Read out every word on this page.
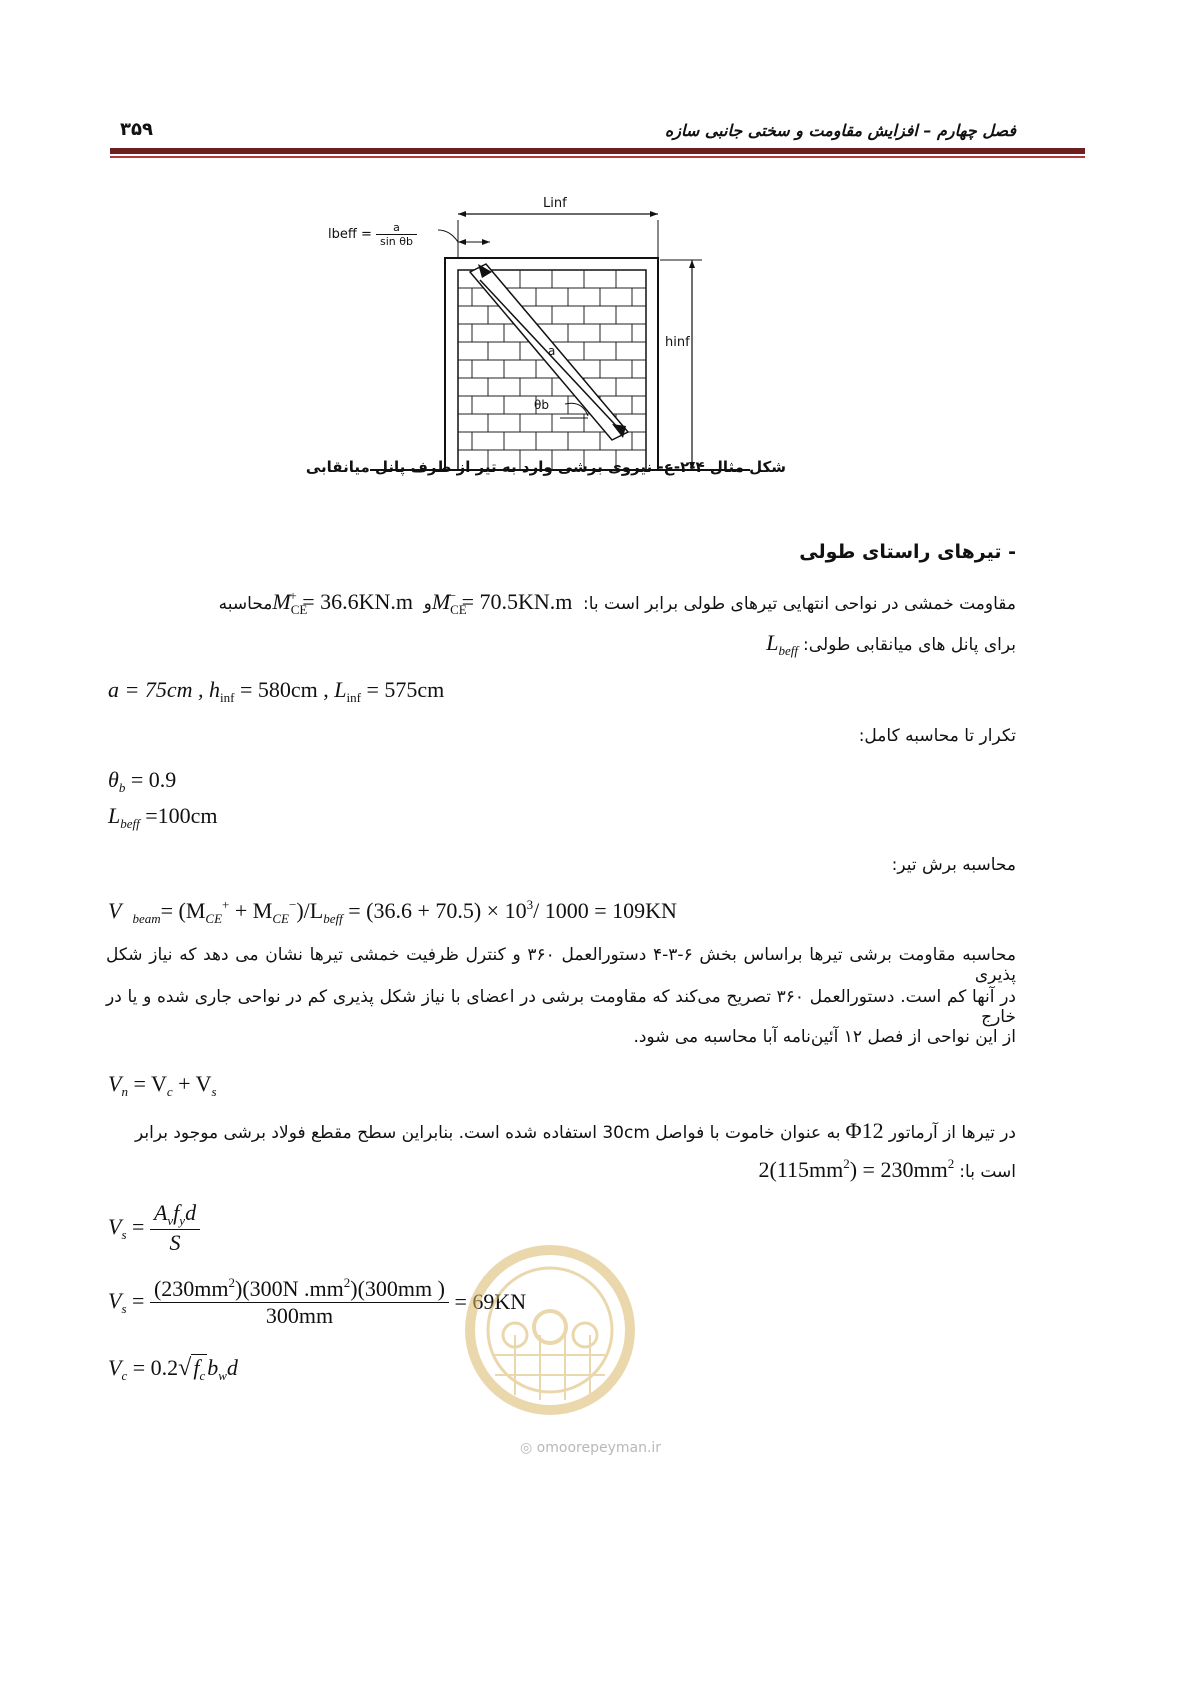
فصل چهارم – افزایش مقاومت و سختی جانبی سازه
۳۵۹
Linf
hinf
a
θb
lbeff = $\frac{a}{\text{sin θb}}$
شکل مثال ۴-۲-ع- نیروی برشی وارد به تیر از طرف پانل میانقابی
- تیرهای راستای طولی
مقاومت خمشی در نواحی انتهایی تیرهای طولی برابر است با: $M_{CE}^- = 70.5KN.m$ و $M_{CE}^+ = 36.6KN.m$ محاسبه
برای پانل های میانقابی طولی: $L_{beff}$
a = 75cm , $h_{inf} = 580cm$ , $L_{inf} = 575cm$
تکرار تا محاسبه کامل:
$\theta_b = 0.9$
$L_{beff} =100cm$
محاسبه برش تیر:
V $_{beam}= (M_{CE}^+ + M_{CE}^-)/L_{beff} = (36.6 + 70.5) \times 10^3/$ 1000 = 109KN
محاسبه مقاومت برشی تیرها براساس بخش ۶-۳-۴ دستورالعمل ۳۶۰ و کنترل ظرفیت خمشی تیرها نشان می دهد که نیاز شکل پذیری
در آنها کم است. دستورالعمل ۳۶۰ تصریح می‌کند که مقاومت برشی در اعضای با نیاز شکل پذیری کم در نواحی جاری شده و یا در خارج
از این نواحی از فصل ۱۲ آئین‌نامه آبا محاسبه می شود.
$V_n = V_c + V_s$
در تیرها از آرماتور Φ12 به عنوان خاموت با فواصل 30cm استفاده شده است. بنابراین سطح مقطع فولاد برشی موجود برابر
است با: $2(115mm^2) = 230mm^2$
$V_s = \frac{A_vf_yd}{S}$
$V_s = \frac{(230mm^2)(300N .mm^2)(300mm )}{300mm} = 69KN$
$V_c = 0.2√f_cb_wd$
◎ omoorepeyman.ir
